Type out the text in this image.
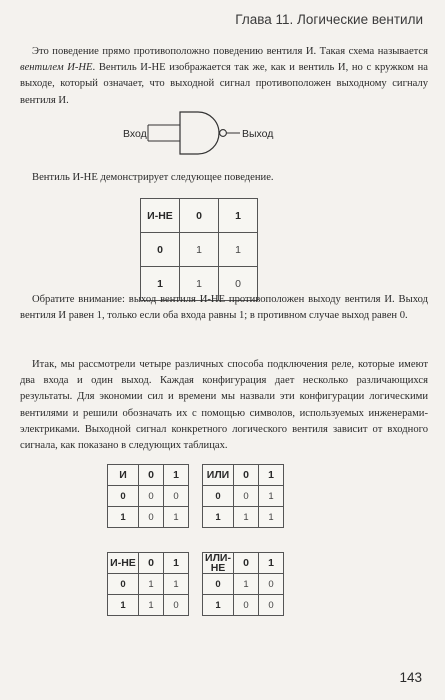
Глава 11. Логические вентили

Это поведение прямо противоположно поведению вентиля И. Такая схема называется вентилем И-НЕ. Вентиль И-НЕ изображается так же, как и вентиль И, но с кружком на выходе, который означает, что выходной сигнал противоположен выходному сигналу вентиля И.

Вход	Выход

Вентиль И-НЕ демонстрирует следующее поведение.

И-НЕ	0	1
0	1	1
1	1	0

Обратите внимание: выход вентиля И-НЕ противоположен выходу вентиля И. Выход вентиля И равен 1, только если оба входа равны 1; в противном случае выход равен 0.

Итак, мы рассмотрели четыре различных способа подключения реле, которые имеют два входа и один выход. Каждая конфигурация дает несколько различающихся результаты. Для экономии сил и времени мы назвали эти конфигурации логическими вентилями и решили обозначать их с помощью символов, используемых инженерами-электриками. Выходной сигнал конкретного логического вентиля зависит от входного сигнала, как показано в следующих таблицах.

И	0	1
0	0	0
1	0	1
ИЛИ	0	1
0	0	1
1	1	1
И-НЕ	0	1
0	1	1
1	1	0
ИЛИ-НЕ	0	1
0	1	0
1	0	0
143
